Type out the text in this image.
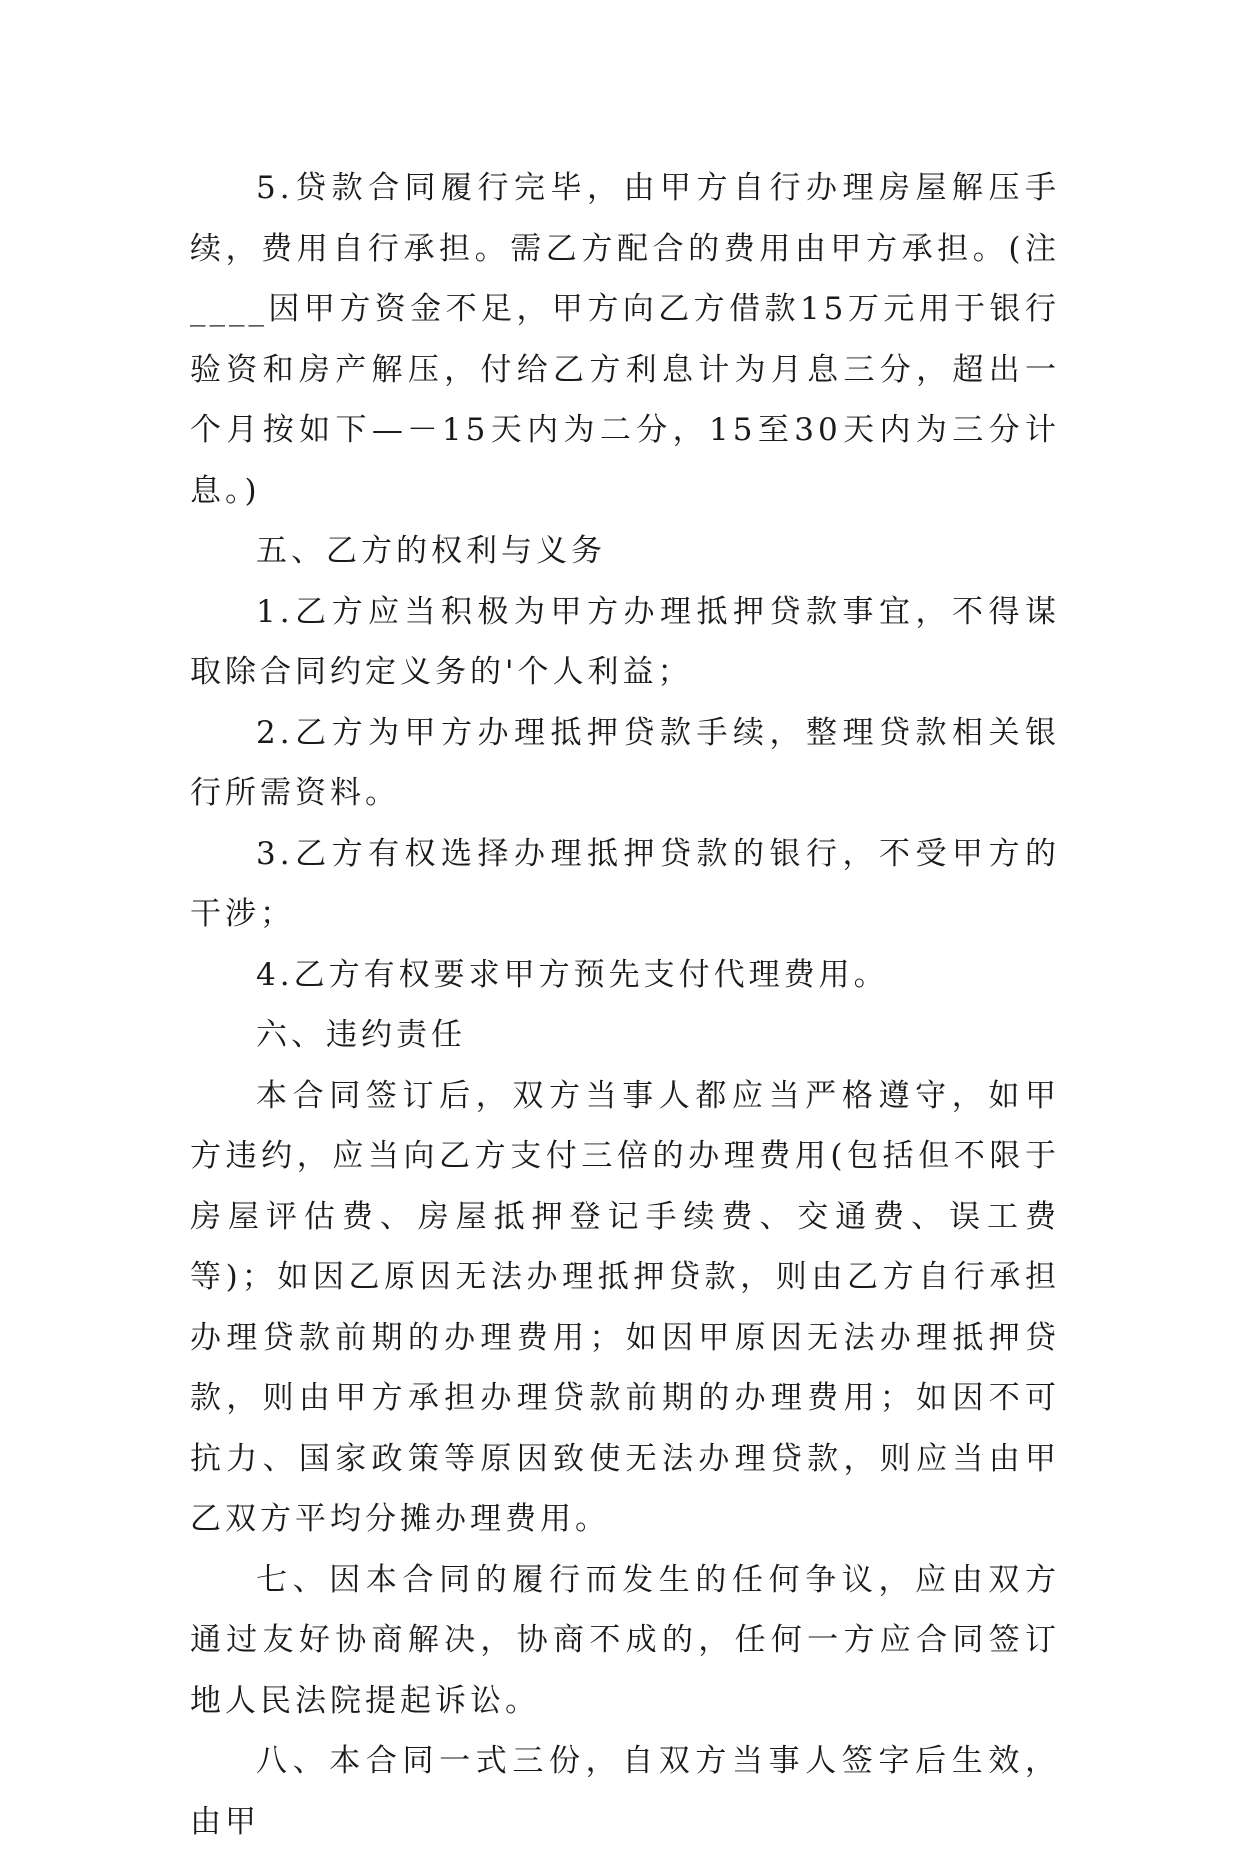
5.贷款合同履行完毕，由甲方自行办理房屋解压手续，费用自行承担。需乙方配合的费用由甲方承担。(注____因甲方资金不足，甲方向乙方借款15万元用于银行验资和房产解压，付给乙方利息计为月息三分，超出一个月按如下—－15天内为二分，15至30天内为三分计息。)

五、乙方的权利与义务

1.乙方应当积极为甲方办理抵押贷款事宜，不得谋取除合同约定义务的'个人利益；

2.乙方为甲方办理抵押贷款手续，整理贷款相关银行所需资料。

3.乙方有权选择办理抵押贷款的银行，不受甲方的干涉；

4.乙方有权要求甲方预先支付代理费用。

六、违约责任

本合同签订后，双方当事人都应当严格遵守，如甲方违约，应当向乙方支付三倍的办理费用(包括但不限于房屋评估费、房屋抵押登记手续费、交通费、误工费等)；如因乙原因无法办理抵押贷款，则由乙方自行承担办理贷款前期的办理费用；如因甲原因无法办理抵押贷款，则由甲方承担办理贷款前期的办理费用；如因不可抗力、国家政策等原因致使无法办理贷款，则应当由甲乙双方平均分摊办理费用。

七、因本合同的履行而发生的任何争议，应由双方通过友好协商解决，协商不成的，任何一方应合同签订地人民法院提起诉讼。

八、本合同一式三份，自双方当事人签字后生效，由甲
